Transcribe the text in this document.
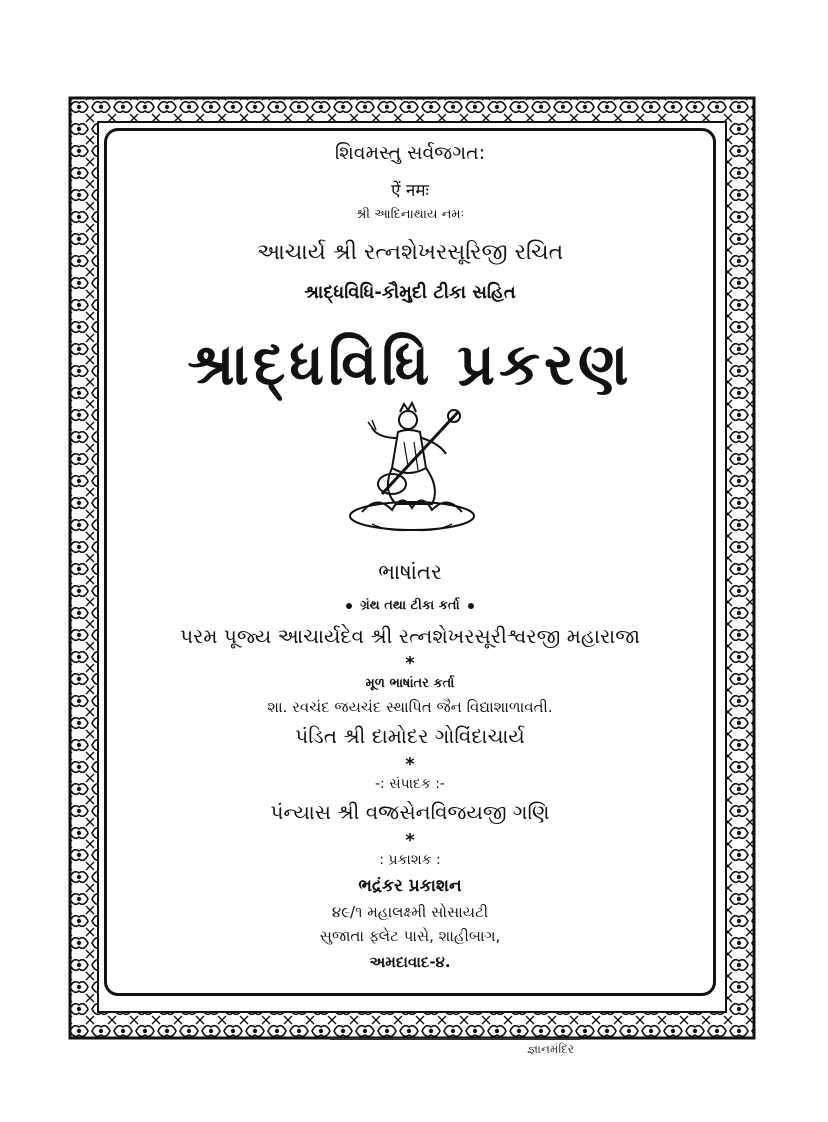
શિવમસ્તુ સર્વજગત:
ऐं नमः
શ્રી આદિનાથાય નમઃ
આચાર્ય શ્રી રત્નશેખરસૂરિજી રચિત
શ્રાદ્ધવિધિ-કૌમુદી ટીકા સહિત
શ્રાદ્ધવિધિ પ્રકરણ
ભાષાંતર
ગ્રંથ તથા ટીકા કર્તા
પરમ પૂજ્ય આચાર્યદેવ શ્રી રત્નશેખરસૂરીશ્વરજી મહારાજા
*
મૂળ ભાષાંતર કર્તા
શા. રવચંદ જયચંદ સ્થાપિત જૈન વિદ્યાશાળાવતી.
પંડિત શ્રી દામોદર ગોવિંદાચાર્ય
*
-: સંપાદક :-
પંન્યાસ શ્રી વજ્રસેનવિજયજી ગણિ
*
: પ્રકાશક :
ભદ્રંકર પ્રકાશન
૪૯/૧ મહાલક્ષ્મી સોસાયટી
સુજાતા ફ્લેટ પાસે, શાહીબાગ,
અમદાવાદ-૪.
જ્ઞાનમંદિર
